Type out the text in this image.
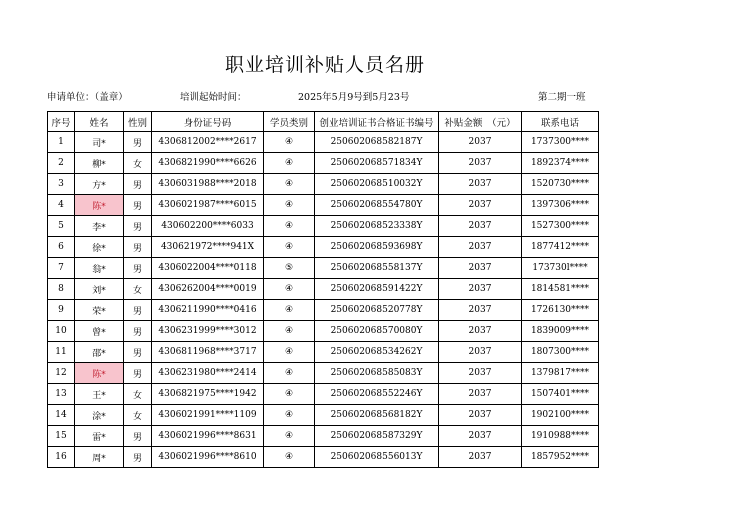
职业培训补贴人员名册
申请单位：（盖章）	培训起始时间：	2025年5月9号到5月23号	第二期一班
序号	姓名	性别	身份证号码	学员类别	创业培训证书合格证书编号	补贴金额　（元）	联系电话
1	司*	男	4306812002****2617	④	250602068582187Y	2037	1737300****
2	柳*	女	4306821990****6626	④	250602068571834Y	2037	1892374****
3	方*	男	4306031988****2018	④	250602068510032Y	2037	1520730****
4	陈*	男	4306021987****6015	④	250602068554780Y	2037	1397306****
5	李*	男	430602200****6033	④	250602068523338Y	2037	1527300****
6	徐*	男	430621972****941X	④	250602068593698Y	2037	1877412****
7	翁*	男	4306022004****0118	⑤	250602068558137Y	2037	173730l****
8	刘*	女	4306262004****0019	④	250602068591422Y	2037	1814581****
9	荣*	男	4306211990****0416	④	250602068520778Y	2037	1726130****
10	曾*	男	4306231999****3012	④	250602068570080Y	2037	1839009****
11	邵*	男	4306811968****3717	④	250602068534262Y	2037	1807300****
12	陈*	男	4306231980****2414	④	250602068585083Y	2037	1379817****
13	王*	女	4306821975****1942	④	250602068552246Y	2037	1507401****
14	涂*	女	4306021991****1109	④	250602068568182Y	2037	1902100****
15	雷*	男	4306021996****8631	④	250602068587329Y	2037	1910988****
16	周*	男	4306021996****8610	④	250602068556013Y	2037	1857952****
